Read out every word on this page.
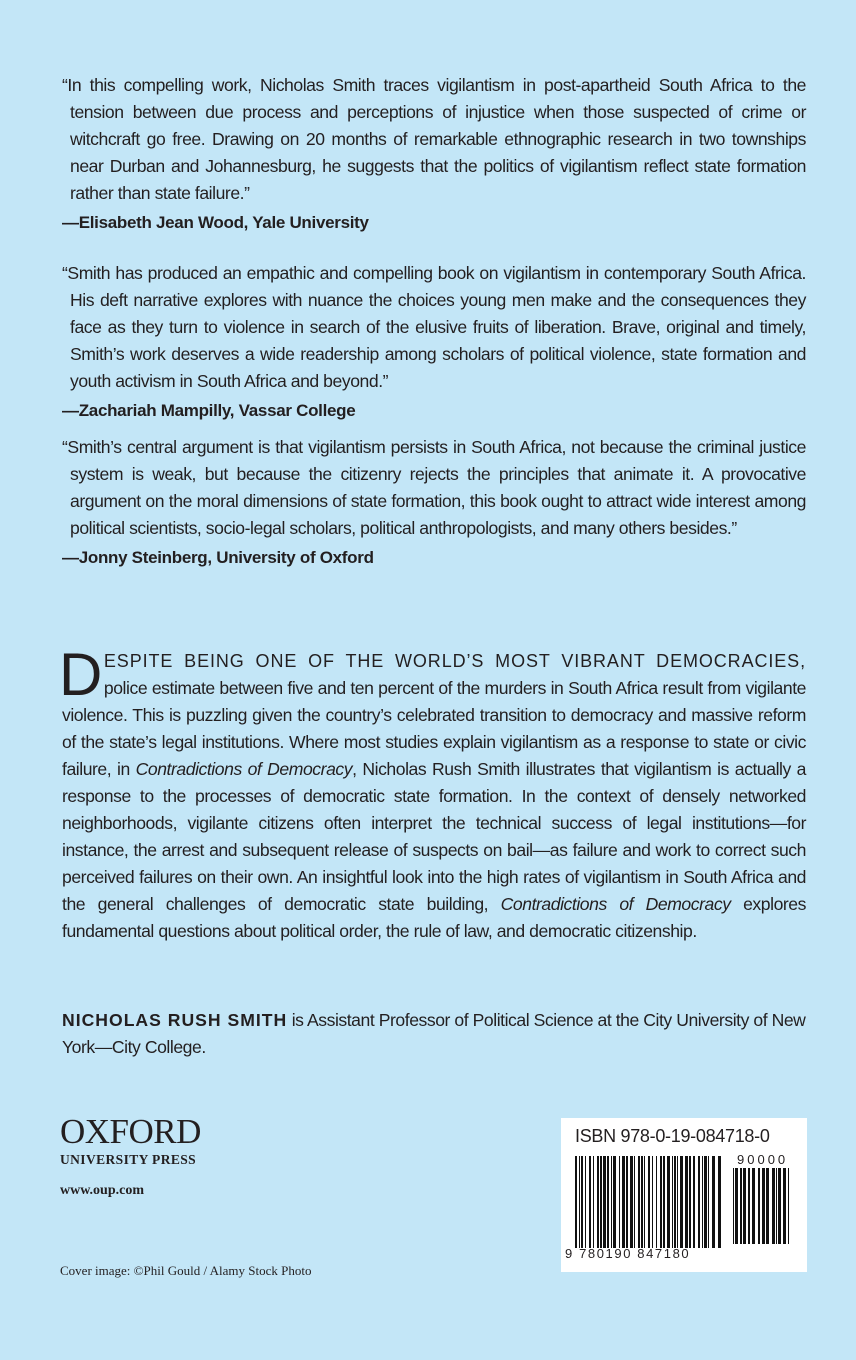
“In this compelling work, Nicholas Smith traces vigilantism in post-apartheid South Africa to the tension between due process and perceptions of injustice when those suspected of crime or witchcraft go free. Drawing on 20 months of remarkable ethnographic research in two townships near Durban and Johannesburg, he suggests that the politics of vigilantism reflect state formation rather than state failure.”
—Elisabeth Jean Wood, Yale University
“Smith has produced an empathic and compelling book on vigilantism in contemporary South Africa. His deft narrative explores with nuance the choices young men make and the consequences they face as they turn to violence in search of the elusive fruits of liberation. Brave, original and timely, Smith’s work deserves a wide readership among scholars of political violence, state formation and youth activism in South Africa and beyond.”
—Zachariah Mampilly, Vassar College
“Smith’s central argument is that vigilantism persists in South Africa, not because the criminal justice system is weak, but because the citizenry rejects the principles that animate it. A provocative argument on the moral dimensions of state formation, this book ought to attract wide interest among political scientists, socio-legal scholars, political anthropologists, and many others besides.”
—Jonny Steinberg, University of Oxford
DESPITE BEING ONE OF THE WORLD’S MOST VIBRANT DEMOCRACIES, police estimate between five and ten percent of the murders in South Africa result from vigilante violence. This is puzzling given the country’s celebrated transition to democracy and massive reform of the state’s legal institutions. Where most studies explain vigilantism as a response to state or civic failure, in Contradictions of Democracy, Nicholas Rush Smith illustrates that vigilantism is actually a response to the processes of democratic state formation. In the context of densely networked neighborhoods, vigilante citizens often interpret the technical success of legal institutions—for instance, the arrest and subsequent release of suspects on bail—as failure and work to correct such perceived failures on their own. An insightful look into the high rates of vigilantism in South Africa and the general challenges of democratic state building, Contradictions of Democracy explores fundamental questions about political order, the rule of law, and democratic citizenship.
NICHOLAS RUSH SMITH is Assistant Professor of Political Science at the City University of New York—City College.
OXFORD
UNIVERSITY PRESS
www.oup.com
Cover image: ©Phil Gould / Alamy Stock Photo
ISBN 978-0-19-084718-0
90000
9 780190 847180
